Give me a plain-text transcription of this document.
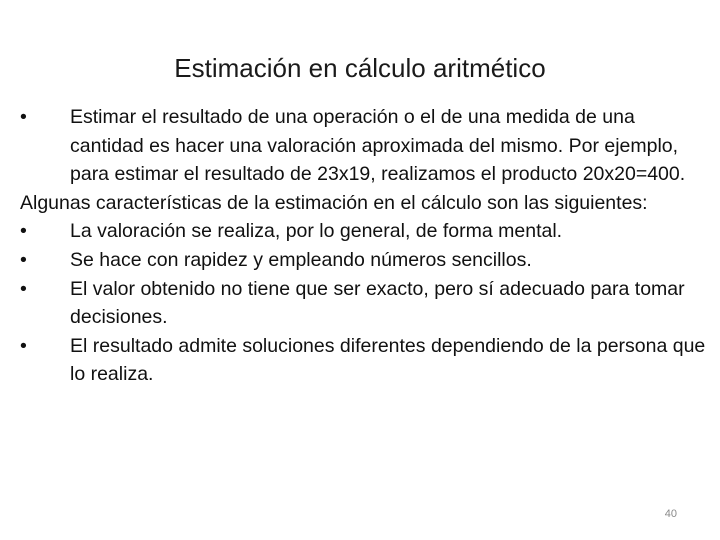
Estimación en cálculo aritmético

•	Estimar el resultado de una operación o el de una medida de una cantidad es hacer una valoración aproximada del mismo. Por ejemplo, para estimar el resultado de 23x19, realizamos el producto 20x20=400.

Algunas características de la estimación en el cálculo son las siguientes:

•	La valoración se realiza, por lo general, de forma mental.

•	Se hace con rapidez y empleando números sencillos.

•	El valor obtenido no tiene que ser exacto, pero sí adecuado para tomar decisiones.

•	El resultado admite soluciones diferentes dependiendo de la persona que lo realiza.

40
